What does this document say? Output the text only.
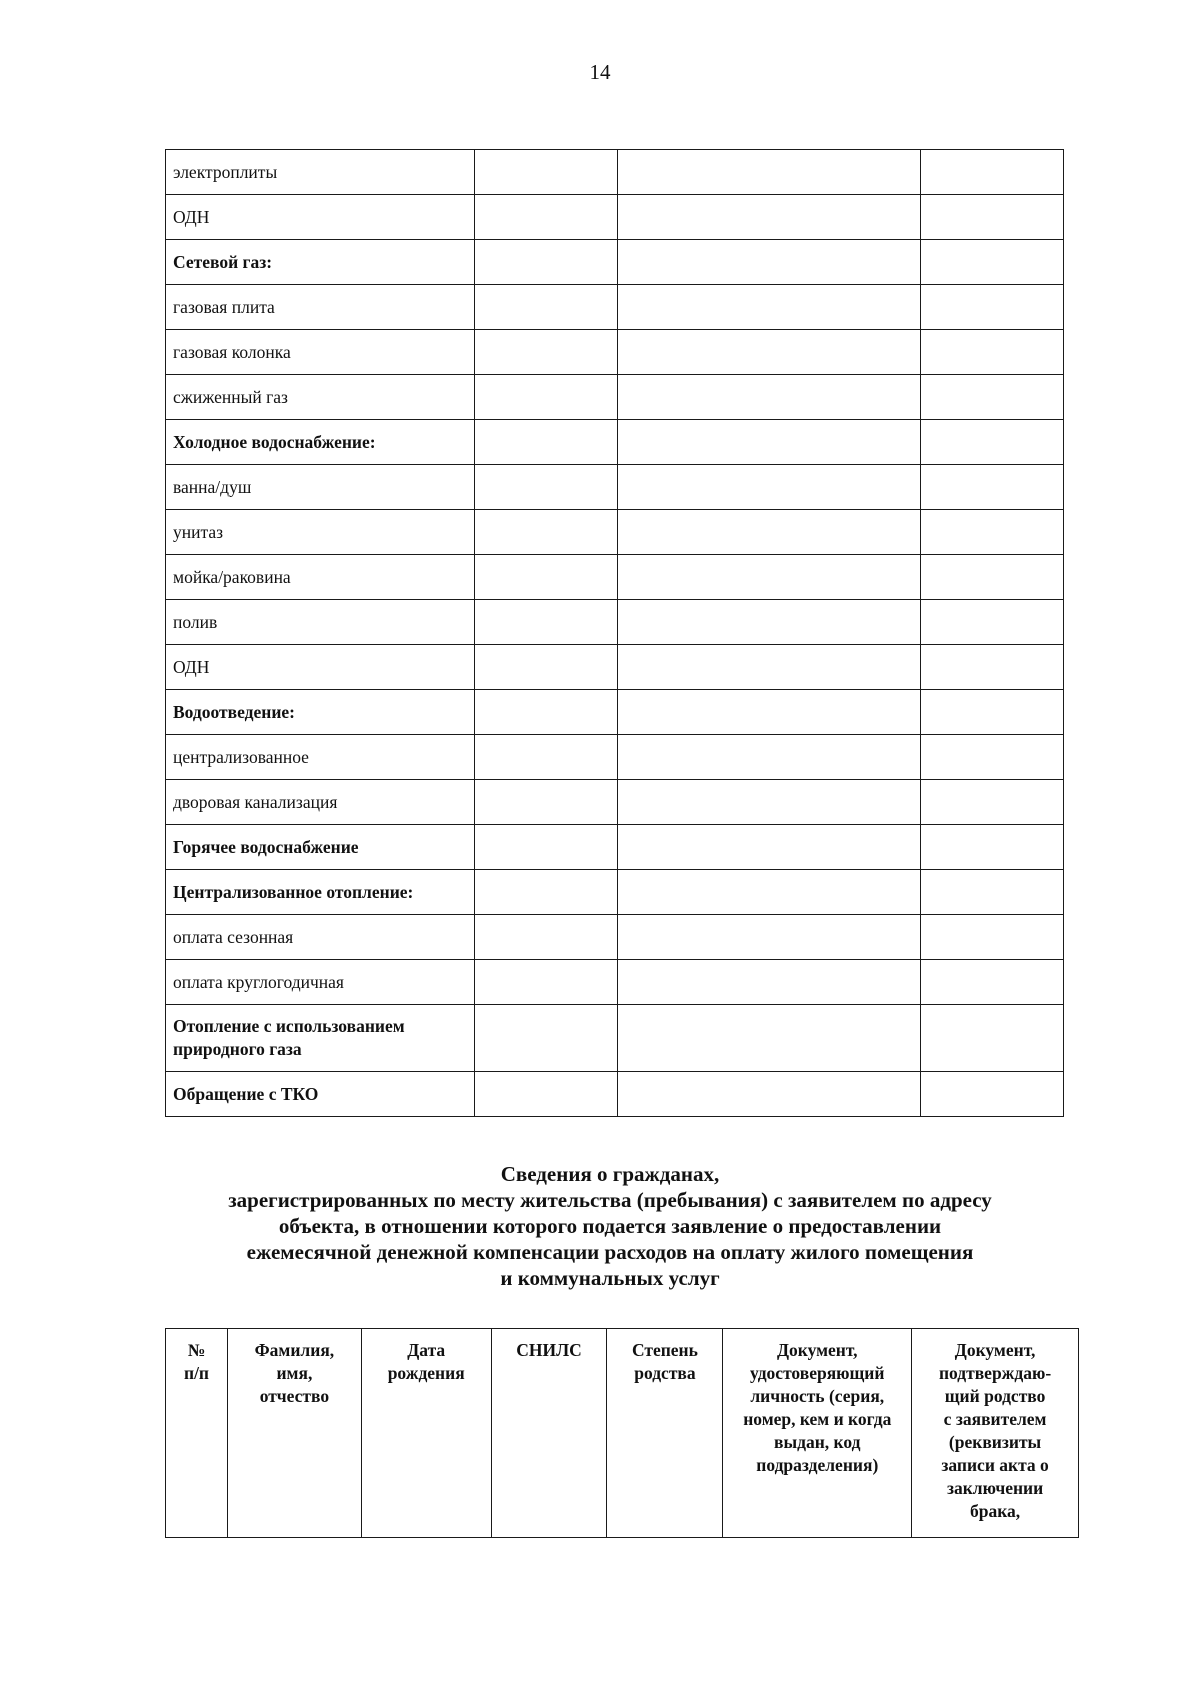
14
электроплиты			
ОДН			
Сетевой газ:			
газовая плита			
газовая колонка			
сжиженный газ			
Холодное водоснабжение:			
ванна/душ			
унитаз			
мойка/раковина			
полив			
ОДН			
Водоотведение:			
централизованное			
дворовая канализация			
Горячее водоснабжение			
Централизованное отопление:			
оплата сезонная			
оплата круглогодичная			
Отопление с использованием
природного газа			
Обращение с ТКО			
Сведения о гражданах,
зарегистрированных по месту жительства (пребывания) с заявителем по адресу
объекта, в отношении которого подается заявление о предоставлении
ежемесячной денежной компенсации расходов на оплату жилого помещения
и коммунальных услуг
№
п/п	Фамилия,
имя,
отчество	Дата
рождения	СНИЛС	Степень
родства	Документ,
удостоверяющий
личность (серия,
номер, кем и когда
выдан, код
подразделения)	Документ,
подтверждаю-
щий родство
с заявителем
(реквизиты
записи акта о
заключении
брака,
